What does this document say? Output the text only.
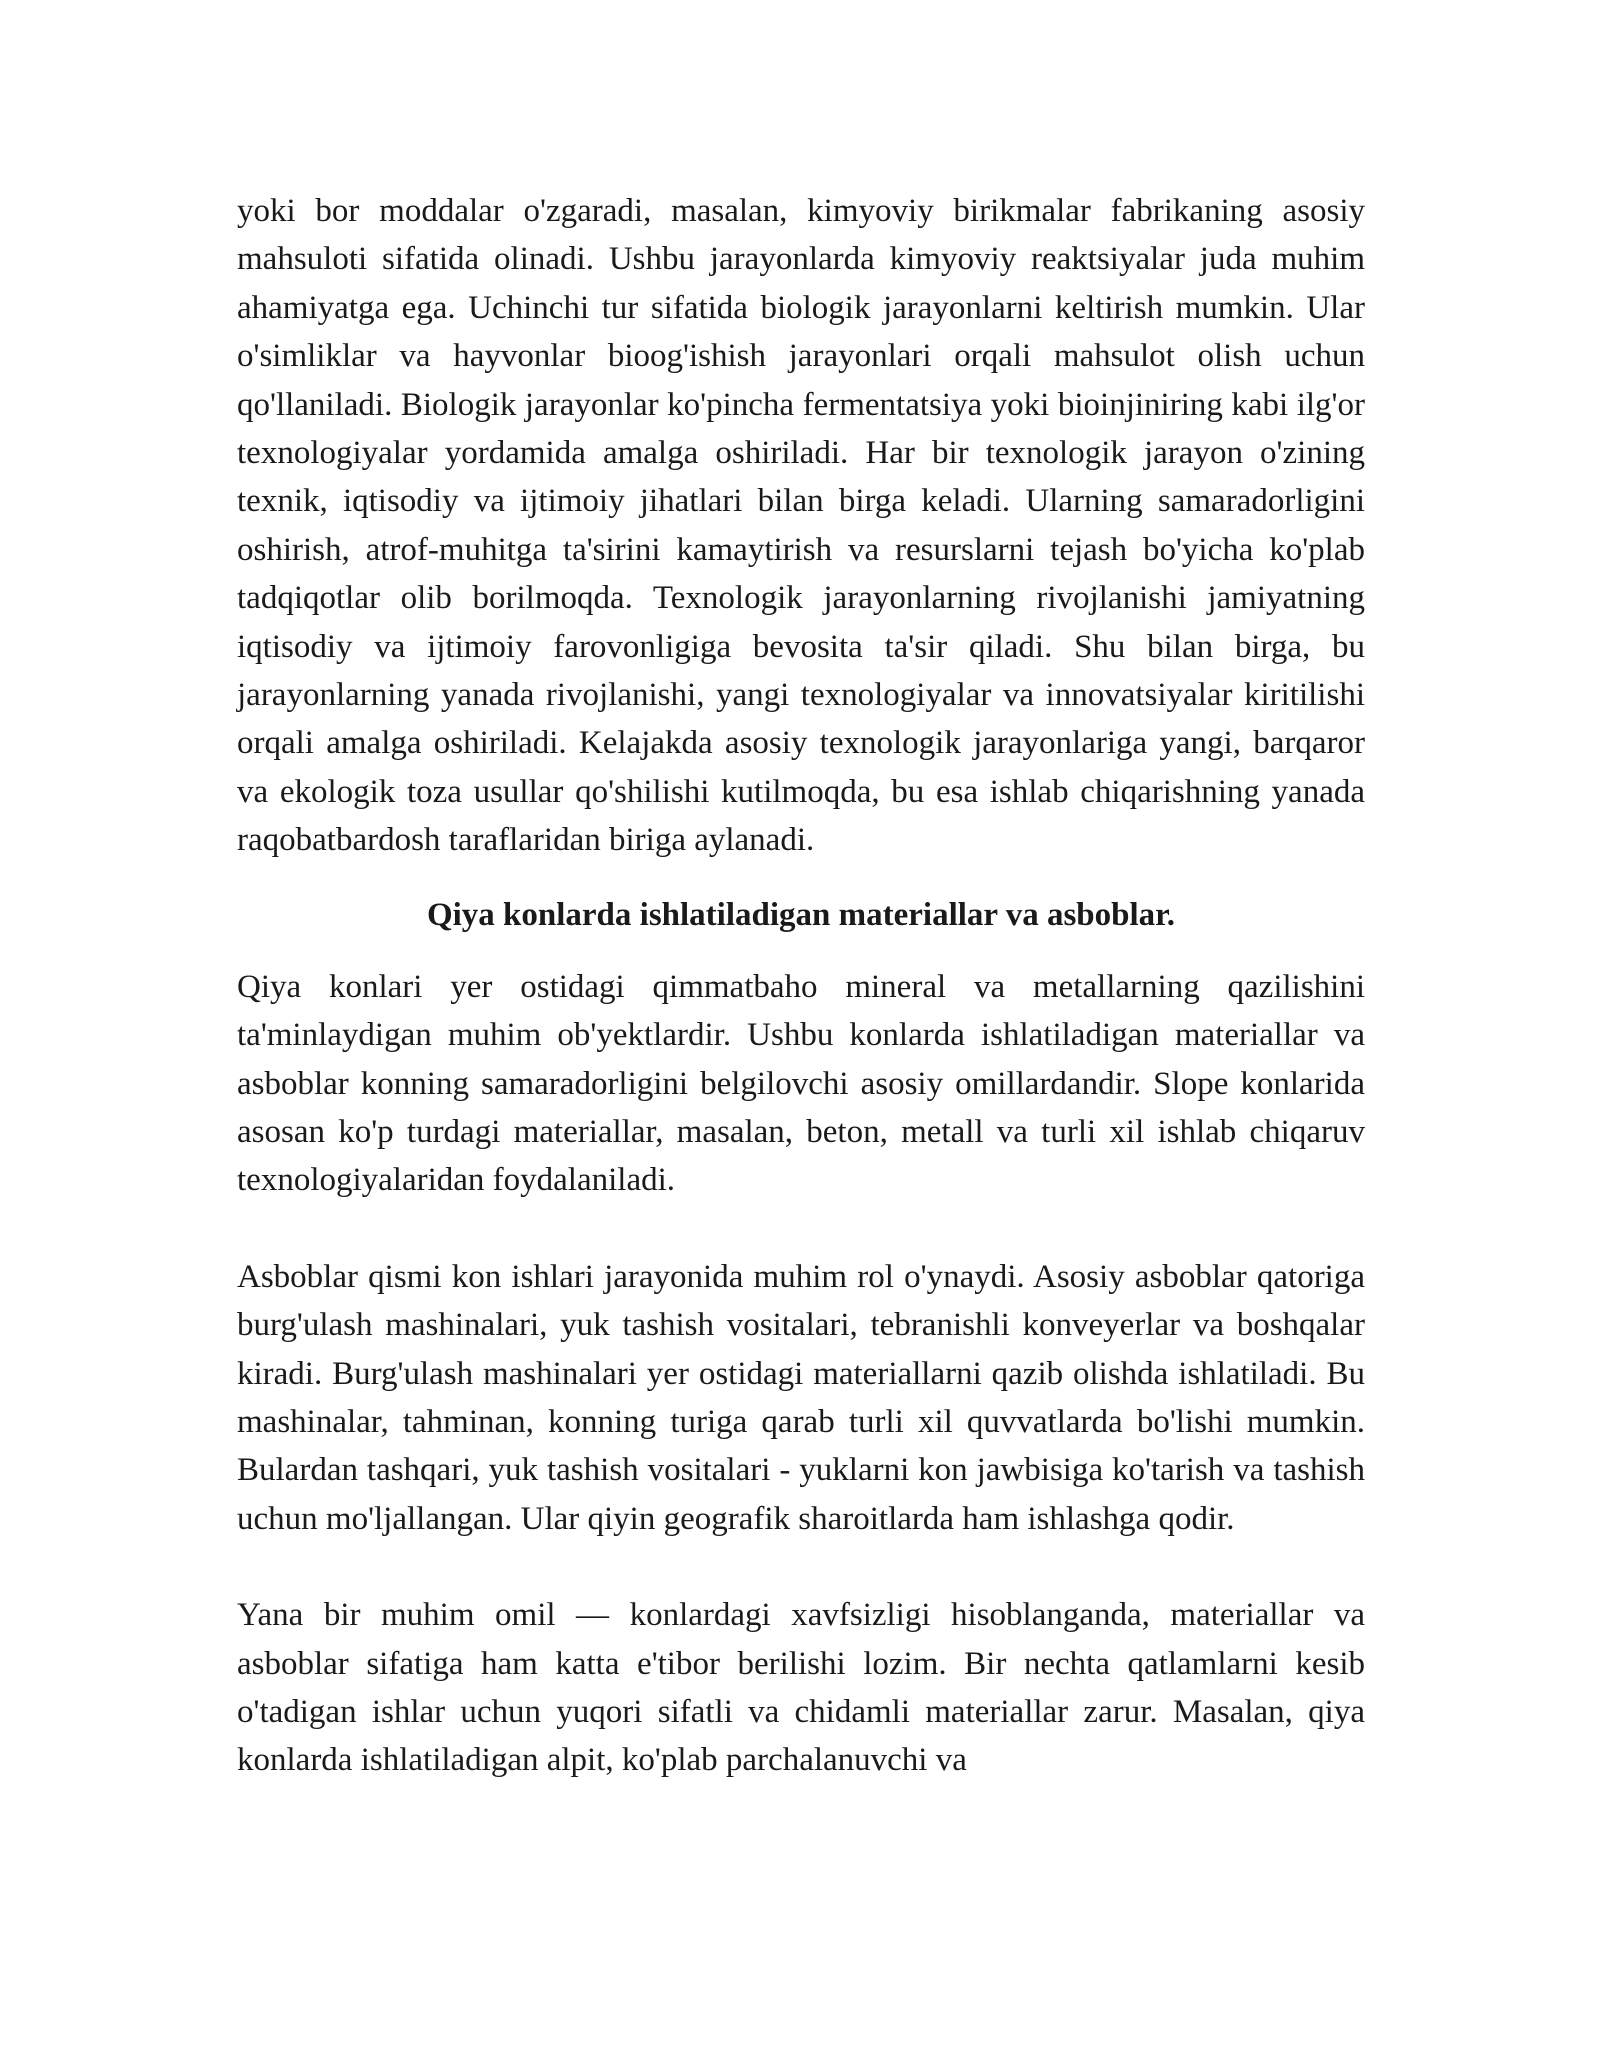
yoki bor moddalar o'zgaradi, masalan, kimyoviy birikmalar fabrikaning asosiy mahsuloti sifatida olinadi. Ushbu jarayonlarda kimyoviy reaktsiyalar juda muhim ahamiyatga ega. Uchinchi tur sifatida biologik jarayonlarni keltirish mumkin. Ular o'simliklar va hayvonlar bioog'ishish jarayonlari orqali mahsulot olish uchun qo'llaniladi. Biologik jarayonlar ko'pincha fermentatsiya yoki bioinjiniring kabi ilg'or texnologiyalar yordamida amalga oshiriladi. Har bir texnologik jarayon o'zining texnik, iqtisodiy va ijtimoiy jihatlari bilan birga keladi. Ularning samaradorligini oshirish, atrof-muhitga ta'sirini kamaytirish va resurslarni tejash bo'yicha ko'plab tadqiqotlar olib borilmoqda. Texnologik jarayonlarning rivojlanishi jamiyatning iqtisodiy va ijtimoiy farovonligiga bevosita ta'sir qiladi. Shu bilan birga, bu jarayonlarning yanada rivojlanishi, yangi texnologiyalar va innovatsiyalar kiritilishi orqali amalga oshiriladi. Kelajakda asosiy texnologik jarayonlariga yangi, barqaror va ekologik toza usullar qo'shilishi kutilmoqda, bu esa ishlab chiqarishning yanada raqobatbardosh taraflaridan biriga aylanadi.

Qiya konlarda ishlatiladigan materiallar va asboblar.

Qiya konlari yer ostidagi qimmatbaho mineral va metallarning qazilishini ta'minlaydigan muhim ob'yektlardir. Ushbu konlarda ishlatiladigan materiallar va asboblar konning samaradorligini belgilovchi asosiy omillardandir. Slope konlarida asosan ko'p turdagi materiallar, masalan, beton, metall va turli xil ishlab chiqaruv texnologiyalaridan foydalaniladi.

Asboblar qismi kon ishlari jarayonida muhim rol o'ynaydi. Asosiy asboblar qatoriga burg'ulash mashinalari, yuk tashish vositalari, tebranishli konveyerlar va boshqalar kiradi. Burg'ulash mashinalari yer ostidagi materiallarni qazib olishda ishlatiladi. Bu mashinalar, tahminan, konning turiga qarab turli xil quvvatlarda bo'lishi mumkin. Bulardan tashqari, yuk tashish vositalari - yuklarni kon jawbisiga ko'tarish va tashish uchun mo'ljallangan. Ular qiyin geografik sharoitlarda ham ishlashga qodir.

Yana bir muhim omil — konlardagi xavfsizligi hisoblanganda, materiallar va asboblar sifatiga ham katta e'tibor berilishi lozim. Bir nechta qatlamlarni kesib o'tadigan ishlar uchun yuqori sifatli va chidamli materiallar zarur. Masalan, qiya konlarda ishlatiladigan alpit, ko'plab parchalanuvchi va
